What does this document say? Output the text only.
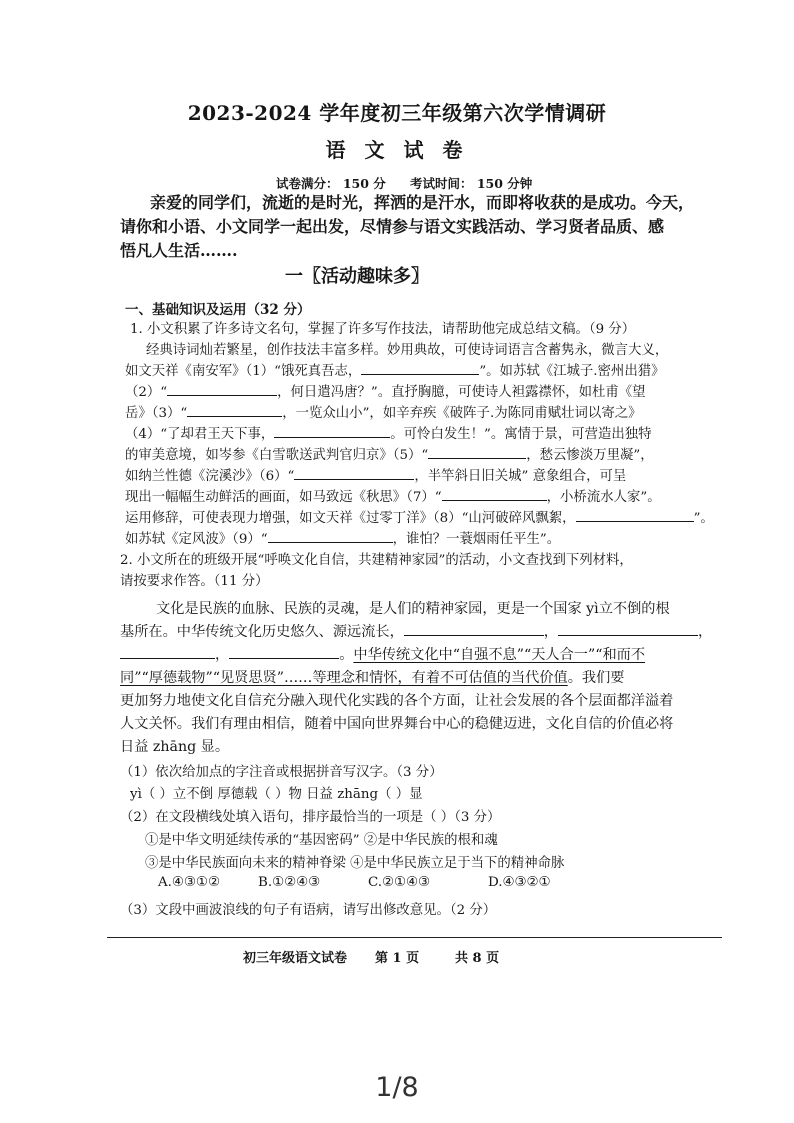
2023-2024 学年度初三年级第六次学情调研
语 文 试 卷
试卷满分： 150 分 考试时间： 150 分钟
亲爱的同学们，流逝的是时光，挥洒的是汗水，而即将收获的是成功。今天，
请你和小语、小文同学一起出发，尽情参与语文实践活动、学习贤者品质、感
悟凡人生活…….
一〖活动趣味多〗
一、基础知识及运用（32 分）
1. 小文积累了许多诗文名句，掌握了许多写作技法，请帮助他完成总结文稿。（9 分）
经典诗词灿若繁星，创作技法丰富多样。妙用典故，可使诗词语言含蓄隽永，微言大义，
如文天祥《南安军》（1）“饿死真吾志，	”。如苏轼《江城子.密州出猎》
（2）“	，何日遣冯唐？”。直抒胸臆，可使诗人袒露襟怀，如杜甫《望
岳》（3）“	，一览众山小”，如辛弃疾《破阵子.为陈同甫赋壮词以寄之》
（4）“了却君王天下事，	。可怜白发生！”。寓情于景，可营造出独特
的审美意境，如岑参《白雪歌送武判官归京》（5）“	，愁云惨淡万里凝”，
如纳兰性德《浣溪沙》（6）“	，半竿斜日旧关城” 意象组合，可呈
现出一幅幅生动鲜活的画面，如马致远《秋思》（7）“	，小桥流水人家”。
运用修辞，可使表现力增强，如文天祥《过零丁洋》（8）“山河破碎风飘絮，	”。
如苏轼《定风波》（9）“	，谁怕？一蓑烟雨任平生”。
2. 小文所在的班级开展“呼唤文化自信，共建精神家园”的活动，小文查找到下列材料，
请按要求作答。（11 分）
文化是民族的血脉、民族的灵魂，是人们的精神家园，更是一个国家 yì立不倒的根
基所在。中华传统文化历史悠久、源远流长，	，	，
，	。中华传统文化中“自强不息”“天人合一”“和而不
同”“厚德载物”“见贤思贤”……等理念和情怀，有着不可估值的当代价值。我们要
更加努力地使文化自信充分融入现代化实践的各个方面，让社会发展的各个层面都洋溢着
人文关怀。我们有理由相信，随着中国向世界舞台中心的稳健迈进，文化自信的价值必将
日益 zhāng 显。
（1）依次给加点的字注音或根据拼音写汉字。（3 分）
yì（ ）立不倒 厚德载（ ）物 日益 zhāng（ ）显
（2）在文段横线处填入语句，排序最恰当的一项是（ ）（3 分）
①是中华文明延续传承的“基因密码” ②是中华民族的根和魂
③是中华民族面向未来的精神脊梁 ④是中华民族立足于当下的精神命脉
A.④③①②	B.①②④③	C.②①④③	D.④③②①
（3）文段中画波浪线的句子有语病，请写出修改意见。（2 分）
初三年级语文试卷 第 1 页	共 8 页
1/8
